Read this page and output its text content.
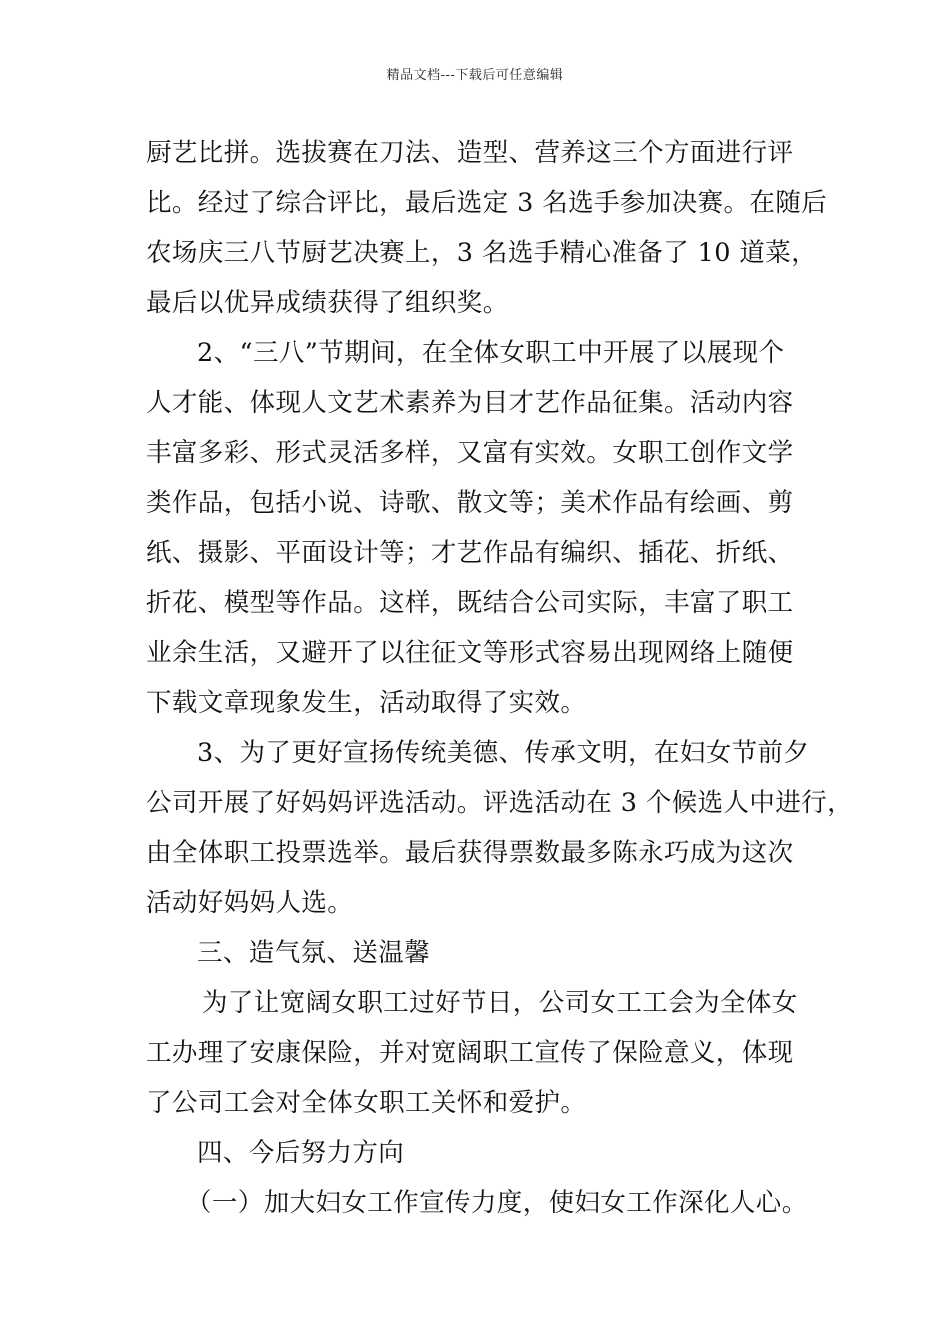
精品文档---下载后可任意编辑
厨艺比拼。选拔赛在刀法、造型、营养这三个方面进行评
比。经过了综合评比，最后选定 3 名选手参加决赛。在随后
农场庆三八节厨艺决赛上，3 名选手精心准备了 10 道菜，
最后以优异成绩获得了组织奖。
2、“三八”节期间，在全体女职工中开展了以展现个
人才能、体现人文艺术素养为目才艺作品征集。活动内容
丰富多彩、形式灵活多样，又富有实效。女职工创作文学
类作品，包括小说、诗歌、散文等；美术作品有绘画、剪
纸、摄影、平面设计等；才艺作品有编织、插花、折纸、
折花、模型等作品。这样，既结合公司实际，丰富了职工
业余生活，又避开了以往征文等形式容易出现网络上随便
下载文章现象发生，活动取得了实效。
3、为了更好宣扬传统美德、传承文明，在妇女节前夕
公司开展了好妈妈评选活动。评选活动在 3 个候选人中进行，
由全体职工投票选举。最后获得票数最多陈永巧成为这次
活动好妈妈人选。
三、造气氛、送温馨
为了让宽阔女职工过好节日，公司女工工会为全体女
工办理了安康保险，并对宽阔职工宣传了保险意义，体现
了公司工会对全体女职工关怀和爱护。
四、今后努力方向
（一）加大妇女工作宣传力度，使妇女工作深化人心。
